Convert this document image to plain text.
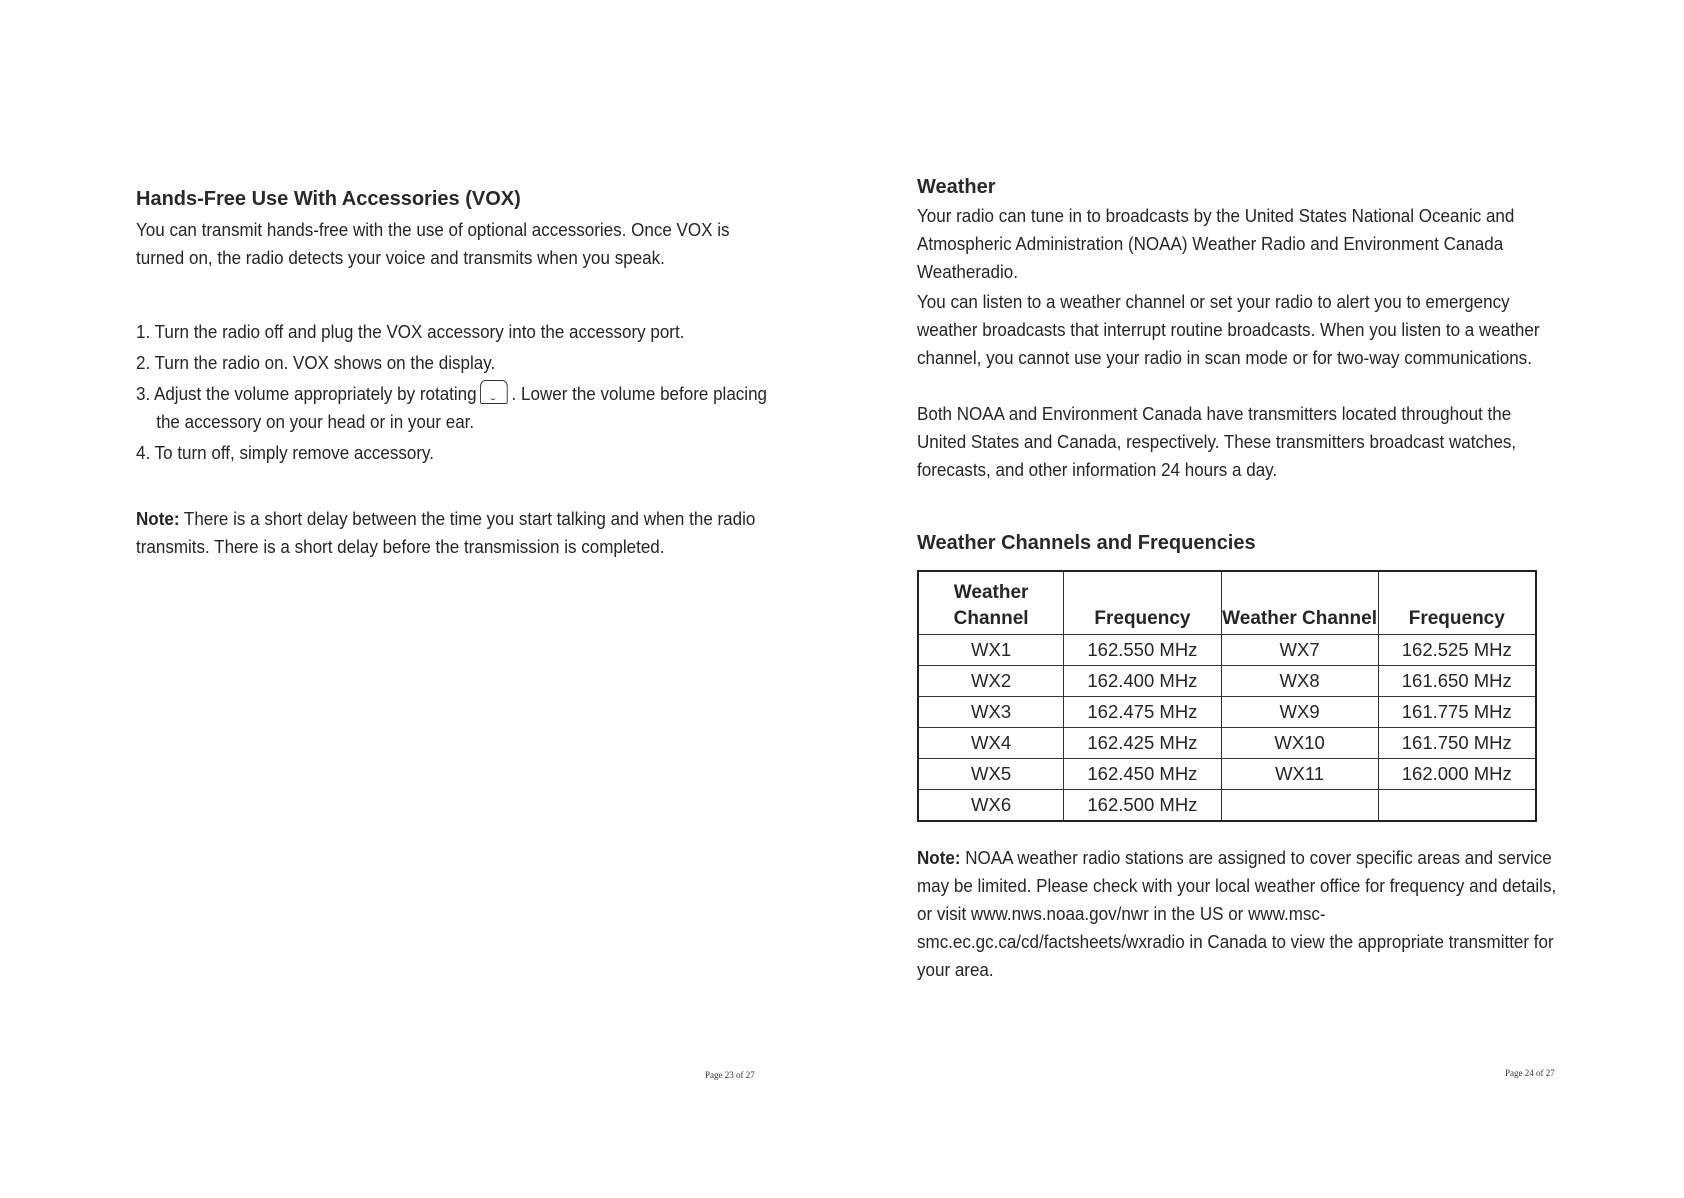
Hands-Free Use With Accessories (VOX)

You can transmit hands-free with the use of optional accessories. Once VOX is turned on, the radio detects your voice and transmits when you speak.

1. Turn the radio off and plug the VOX accessory into the accessory port.
2. Turn the radio on. VOX shows on the display.
3. Adjust the volume appropriately by rotating . Lower the volume before placing the accessory on your head or in your ear.
4. To turn off, simply remove accessory.

Note: There is a short delay between the time you start talking and when the radio transmits. There is a short delay before the transmission is completed.

Page 23 of 27
Weather

Your radio can tune in to broadcasts by the United States National Oceanic and Atmospheric Administration (NOAA) Weather Radio and Environment Canada Weatheradio.

You can listen to a weather channel or set your radio to alert you to emergency weather broadcasts that interrupt routine broadcasts. When you listen to a weather channel, you cannot use your radio in scan mode or for two-way communications.

Both NOAA and Environment Canada have transmitters located throughout the United States and Canada, respectively. These transmitters broadcast watches, forecasts, and other information 24 hours a day.

Weather Channels and Frequencies
Weather Channel	Frequency	Weather Channel	Frequency
WX1	162.550 MHz	WX7	162.525 MHz
WX2	162.400 MHz	WX8	161.650 MHz
WX3	162.475 MHz	WX9	161.775 MHz
WX4	162.425 MHz	WX10	161.750 MHz
WX5	162.450 MHz	WX11	162.000 MHz
WX6	162.500 MHz		

Note: NOAA weather radio stations are assigned to cover specific areas and service may be limited. Please check with your local weather office for frequency and details, or visit www.nws.noaa.gov/nwr in the US or www.msc-smc.ec.gc.ca/cd/factsheets/wxradio in Canada to view the appropriate transmitter for your area.

Page 24 of 27
